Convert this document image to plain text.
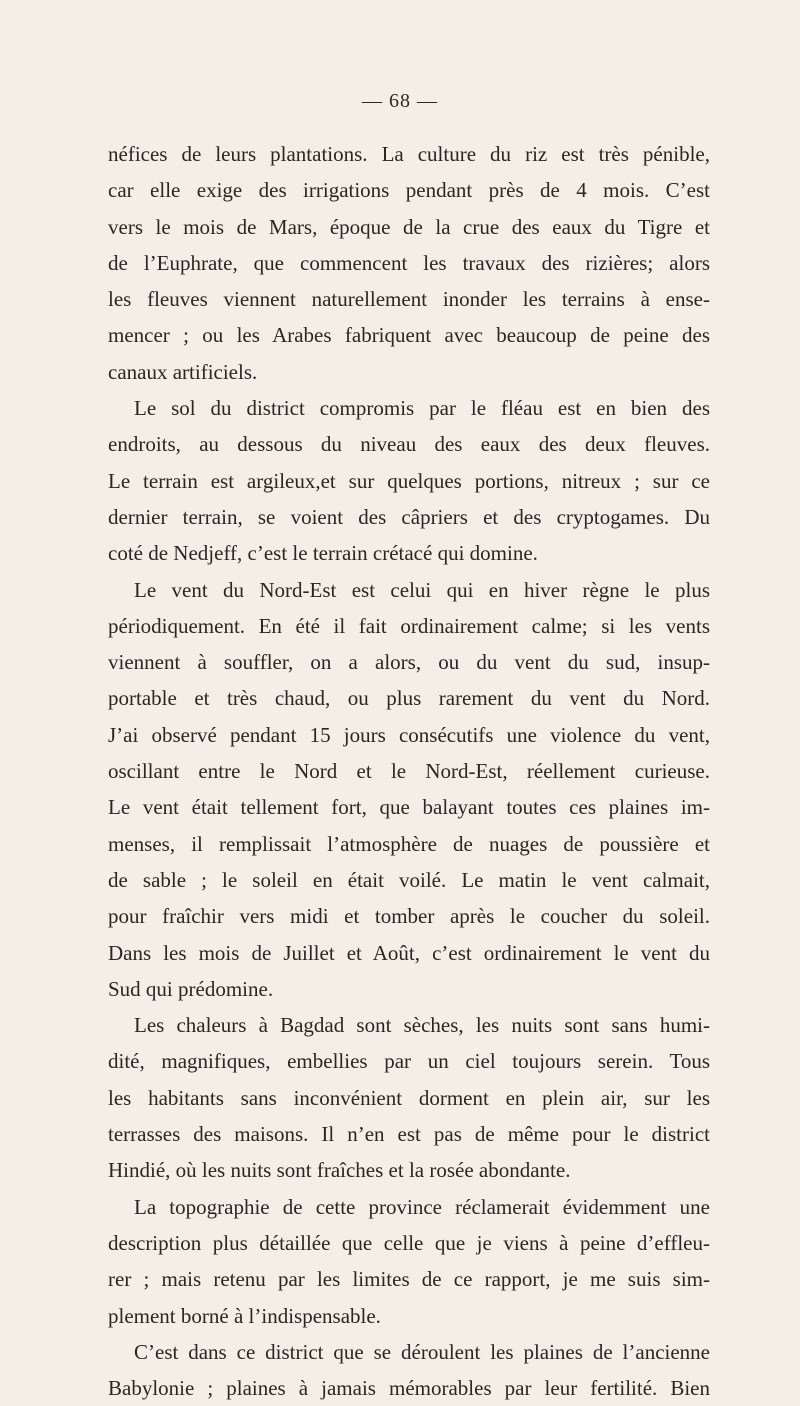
— 68 —
néfices de leurs plantations. La culture du riz est très pénible,
car elle exige des irrigations pendant près de 4 mois. C’est
vers le mois de Mars, époque de la crue des eaux du Tigre et
de l’Euphrate, que commencent les travaux des rizières; alors
les fleuves viennent naturellement inonder les terrains à ense-
mencer ; ou les Arabes fabriquent avec beaucoup de peine des
canaux artificiels.
Le sol du district compromis par le fléau est en bien des
endroits, au dessous du niveau des eaux des deux fleuves.
Le terrain est argileux,et sur quelques portions, nitreux ; sur ce
dernier terrain, se voient des câpriers et des cryptogames. Du
coté de Nedjeff, c’est le terrain crétacé qui domine.
Le vent du Nord-Est est celui qui en hiver règne le plus
périodiquement. En été il fait ordinairement calme; si les vents
viennent à souffler, on a alors, ou du vent du sud, insup-
portable et très chaud, ou plus rarement du vent du Nord.
J’ai observé pendant 15 jours consécutifs une violence du vent,
oscillant entre le Nord et le Nord-Est, réellement curieuse.
Le vent était tellement fort, que balayant toutes ces plaines im-
menses, il remplissait l’atmosphère de nuages de poussière et
de sable ; le soleil en était voilé. Le matin le vent calmait,
pour fraîchir vers midi et tomber après le coucher du soleil.
Dans les mois de Juillet et Août, c’est ordinairement le vent du
Sud qui prédomine.
Les chaleurs à Bagdad sont sèches, les nuits sont sans humi-
dité, magnifiques, embellies par un ciel toujours serein. Tous
les habitants sans inconvénient dorment en plein air, sur les
terrasses des maisons. Il n’en est pas de même pour le district
Hindié, où les nuits sont fraîches et la rosée abondante.
La topographie de cette province réclamerait évidemment une
description plus détaillée que celle que je viens à peine d’effleu-
rer ; mais retenu par les limites de ce rapport, je me suis sim-
plement borné à l’indispensable.
C’est dans ce district que se déroulent les plaines de l’ancienne
Babylonie ; plaines à jamais mémorables par leur fertilité. Bien
